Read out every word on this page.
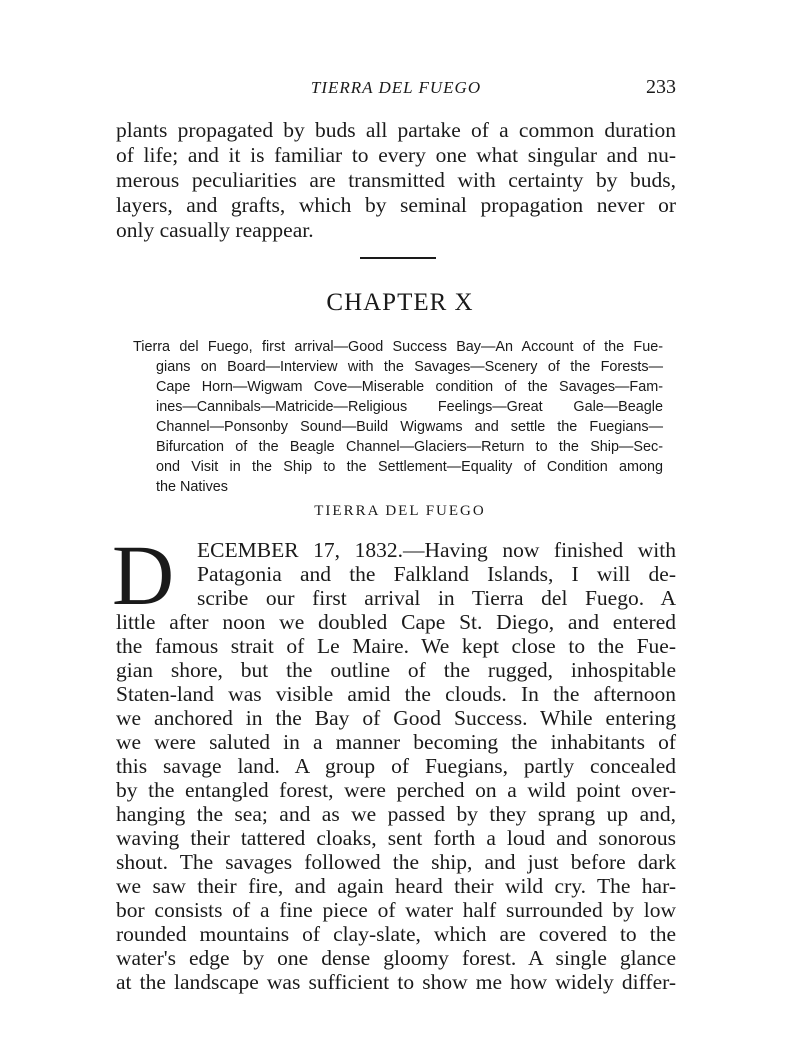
TIERRA DEL FUEGO	233
plants propagated by buds all partake of a common duration
of life; and it is familiar to every one what singular and nu-
merous peculiarities are transmitted with certainty by buds,
layers, and grafts, which by seminal propagation never or
only casually reappear.
CHAPTER X
Tierra del Fuego, first arrival—Good Success Bay—An Account of the Fue-
gians on Board—Interview with the Savages—Scenery of the Forests—
Cape Horn—Wigwam Cove—Miserable condition of the Savages—Fam-
ines—Cannibals—Matricide—Religious Feelings—Great Gale—Beagle
Channel—Ponsonby Sound—Build Wigwams and settle the Fuegians—
Bifurcation of the Beagle Channel—Glaciers—Return to the Ship—Sec-
ond Visit in the Ship to the Settlement—Equality of Condition among
the Natives
TIERRA DEL FUEGO
D ECEMBER 17, 1832.—Having now finished with
Patagonia and the Falkland Islands, I will de-
scribe our first arrival in Tierra del Fuego. A
little after noon we doubled Cape St. Diego, and entered
the famous strait of Le Maire. We kept close to the Fue-
gian shore, but the outline of the rugged, inhospitable
Staten-land was visible amid the clouds. In the afternoon
we anchored in the Bay of Good Success. While entering
we were saluted in a manner becoming the inhabitants of
this savage land. A group of Fuegians, partly concealed
by the entangled forest, were perched on a wild point over-
hanging the sea; and as we passed by they sprang up and,
waving their tattered cloaks, sent forth a loud and sonorous
shout. The savages followed the ship, and just before dark
we saw their fire, and again heard their wild cry. The har-
bor consists of a fine piece of water half surrounded by low
rounded mountains of clay-slate, which are covered to the
water's edge by one dense gloomy forest. A single glance
at the landscape was sufficient to show me how widely differ-
